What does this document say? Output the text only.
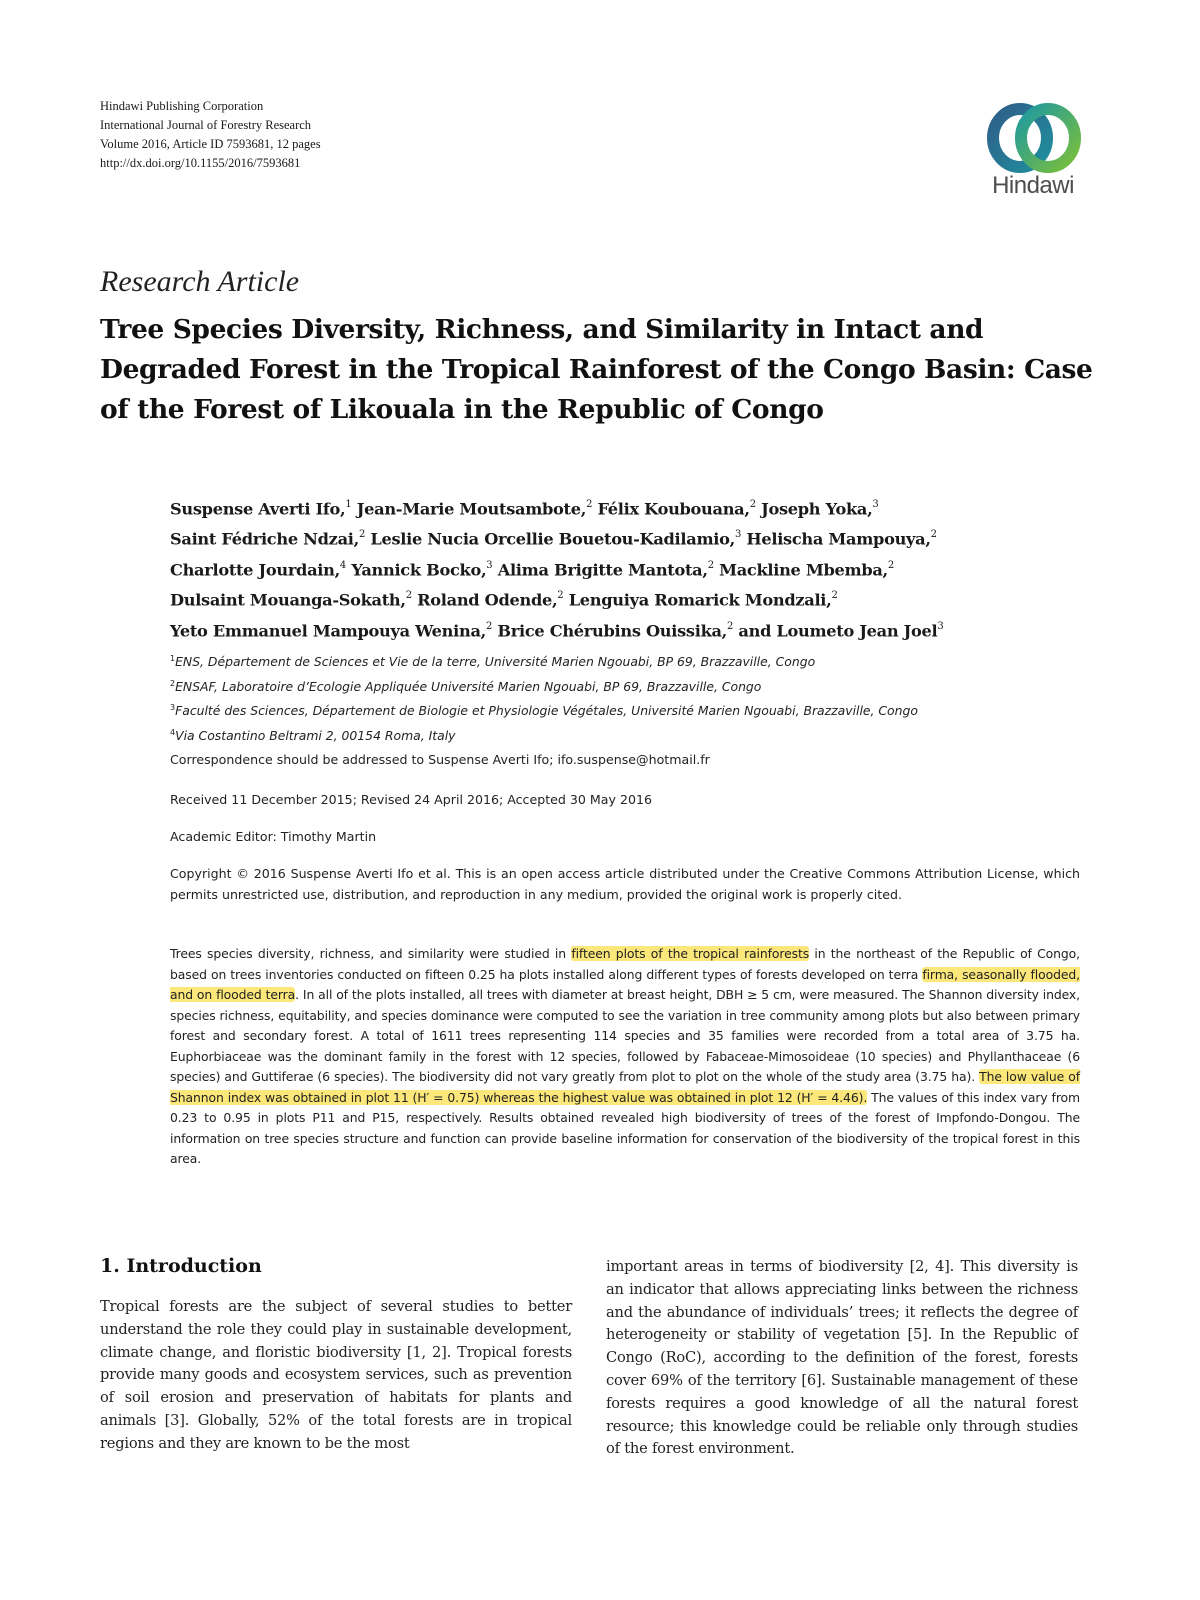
Hindawi Publishing Corporation
International Journal of Forestry Research
Volume 2016, Article ID 7593681, 12 pages
http://dx.doi.org/10.1155/2016/7593681
Hindawi
Research Article
Tree Species Diversity, Richness, and Similarity in Intact and Degraded Forest in the Tropical Rainforest of the Congo Basin: Case of the Forest of Likouala in the Republic of Congo
Suspense Averti Ifo,$^1$ Jean-Marie Moutsambote,$^2$ Félix Koubouana,$^2$ Joseph Yoka,$^3$
Saint Fédriche Ndzai,$^2$ Leslie Nucia Orcellie Bouetou-Kadilamio,$^3$ Helischa Mampouya,$^2$
Charlotte Jourdain,$^4$ Yannick Bocko,$^3$ Alima Brigitte Mantota,$^2$ Mackline Mbemba,$^2$
Dulsaint Mouanga-Sokath,$^2$ Roland Odende,$^2$ Lenguiya Romarick Mondzali,$^2$
Yeto Emmanuel Mampouya Wenina,$^2$ Brice Chérubins Ouissika,$^2$ and Loumeto Jean Joel$^3$
$^1$ENS, Département de Sciences et Vie de la terre, Université Marien Ngouabi, BP 69, Brazzaville, Congo
$^2$ENSAF, Laboratoire d’Ecologie Appliquée Université Marien Ngouabi, BP 69, Brazzaville, Congo
$^3$Faculté des Sciences, Département de Biologie et Physiologie Végétales, Université Marien Ngouabi, Brazzaville, Congo
$^4$Via Costantino Beltrami 2, 00154 Roma, Italy
Correspondence should be addressed to Suspense Averti Ifo; ifo.suspense@hotmail.fr
Received 11 December 2015; Revised 24 April 2016; Accepted 30 May 2016
Academic Editor: Timothy Martin
Copyright © 2016 Suspense Averti Ifo et al. This is an open access article distributed under the Creative Commons Attribution License, which permits unrestricted use, distribution, and reproduction in any medium, provided the original work is properly cited.
Trees species diversity, richness, and similarity were studied in fifteen plots of the tropical rainforests in the northeast of the Republic of Congo, based on trees inventories conducted on fifteen 0.25 ha plots installed along different types of forests developed on terra firma, seasonally flooded, and on flooded terra. In all of the plots installed, all trees with diameter at breast height, DBH ≥ 5 cm, were measured. The Shannon diversity index, species richness, equitability, and species dominance were computed to see the variation in tree community among plots but also between primary forest and secondary forest. A total of 1611 trees representing 114 species and 35 families were recorded from a total area of 3.75 ha. Euphorbiaceae was the dominant family in the forest with 12 species, followed by Fabaceae-Mimosoideae (10 species) and Phyllanthaceae (6 species) and Guttiferae (6 species). The biodiversity did not vary greatly from plot to plot on the whole of the study area (3.75 ha). The low value of Shannon index was obtained in plot 11 (H′ = 0.75) whereas the highest value was obtained in plot 12 (H′ = 4.46). The values of this index vary from 0.23 to 0.95 in plots P11 and P15, respectively. Results obtained revealed high biodiversity of trees of the forest of Impfondo-Dongou. The information on tree species structure and function can provide baseline information for conservation of the biodiversity of the tropical forest in this area.
1. Introduction
Tropical forests are the subject of several studies to better understand the role they could play in sustainable development, climate change, and floristic biodiversity [1, 2]. Tropical forests provide many goods and ecosystem services, such as prevention of soil erosion and preservation of habitats for plants and animals [3]. Globally, 52% of the total forests are in tropical regions and they are known to be the most
important areas in terms of biodiversity [2, 4]. This diversity is an indicator that allows appreciating links between the richness and the abundance of individuals’ trees; it reflects the degree of heterogeneity or stability of vegetation [5]. In the Republic of Congo (RoC), according to the definition of the forest, forests cover 69% of the territory [6]. Sustainable management of these forests requires a good knowledge of all the natural forest resource; this knowledge could be reliable only through studies of the forest environment.
